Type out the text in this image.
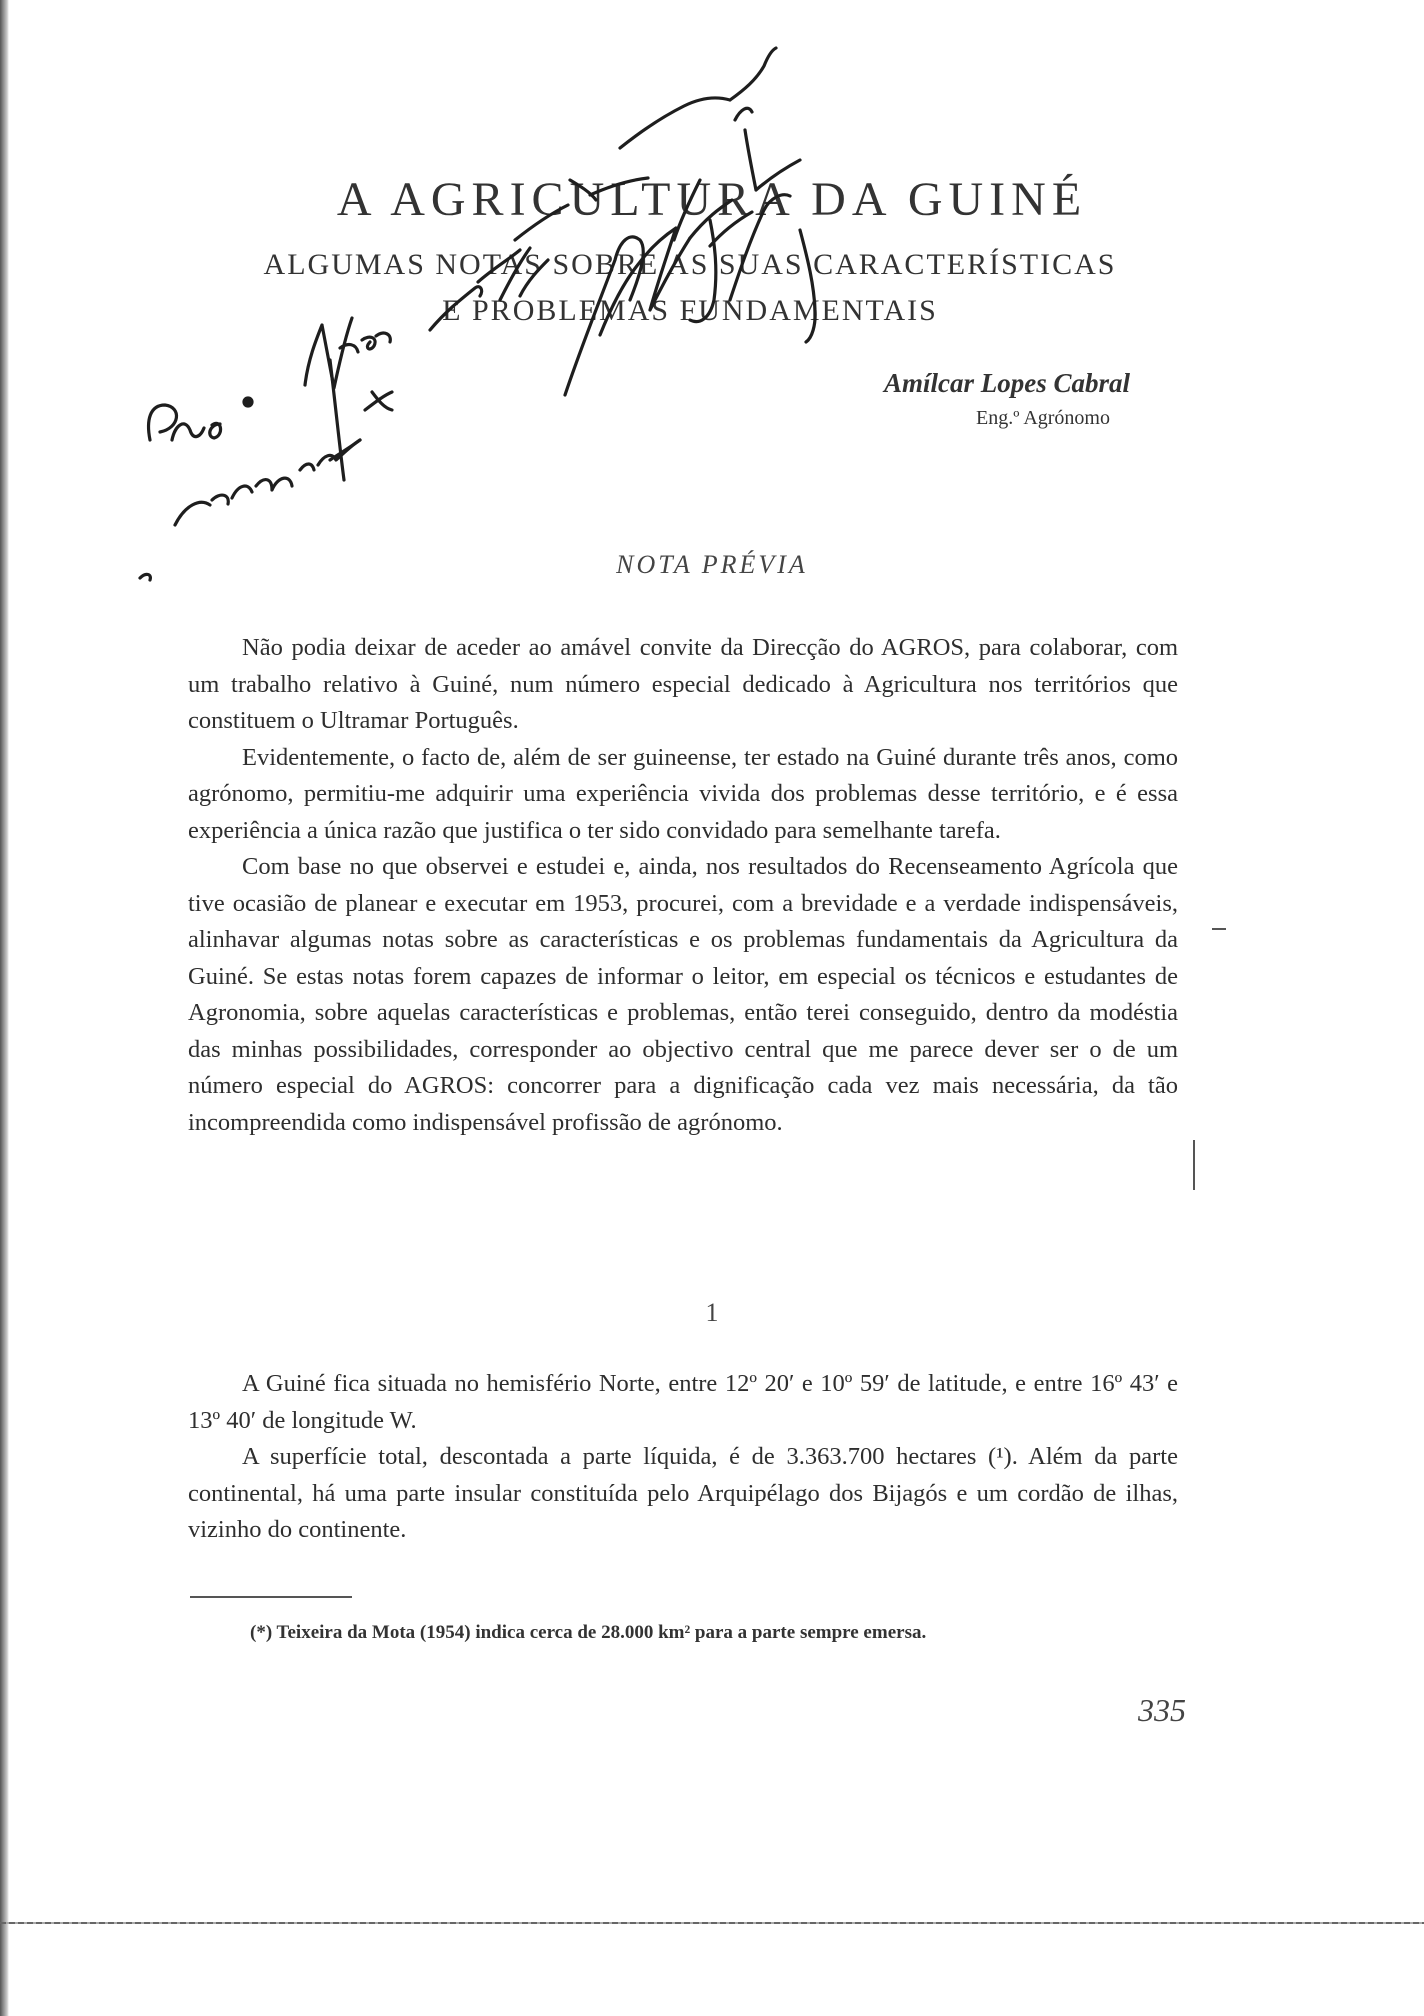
A AGRICULTURA DA GUINÉ
ALGUMAS NOTAS SOBRE AS SUAS CARACTERÍSTICAS
E PROBLEMAS FUNDAMENTAIS
Amílcar Lopes Cabral
Eng.º Agrónomo
NOTA PRÉVIA

Não podia deixar de aceder ao amável convite da Direcção do AGROS, para colaborar, com um trabalho relativo à Guiné, num número especial dedicado à Agricultura nos territórios que constituem o Ultramar Português.

Evidentemente, o facto de, além de ser guineense, ter estado na Guiné durante três anos, como agrónomo, permitiu-me adquirir uma experiência vivida dos problemas desse território, e é essa experiência a única razão que justifica o ter sido convidado para semelhante tarefa.

Com base no que observei e estudei e, ainda, nos resultados do Recenseamento Agrícola que tive ocasião de planear e executar em 1953, procurei, com a brevidade e a verdade indispensáveis, alinhavar algumas notas sobre as características e os problemas fundamentais da Agricultura da Guiné. Se estas notas forem capazes de informar o leitor, em especial os técnicos e estudantes de Agronomia, sobre aquelas características e problemas, então terei conseguido, dentro da modéstia das minhas possibilidades, corresponder ao objectivo central que me parece dever ser o de um número especial do AGROS: concorrer para a dignificação cada vez mais necessária, da tão incompreendida como indispensável profissão de agrónomo.

1

A Guiné fica situada no hemisfério Norte, entre 12º 20′ e 10º 59′ de latitude, e entre 16º 43′ e 13º 40′ de longitude W.

A superfície total, descontada a parte líquida, é de 3.363.700 hectares (¹). Além da parte continental, há uma parte insular constituída pelo Arquipélago dos Bijagós e um cordão de ilhas, vizinho do continente.

(*) Teixeira da Mota (1954) indica cerca de 28.000 km² para a parte sempre emersa.
335
